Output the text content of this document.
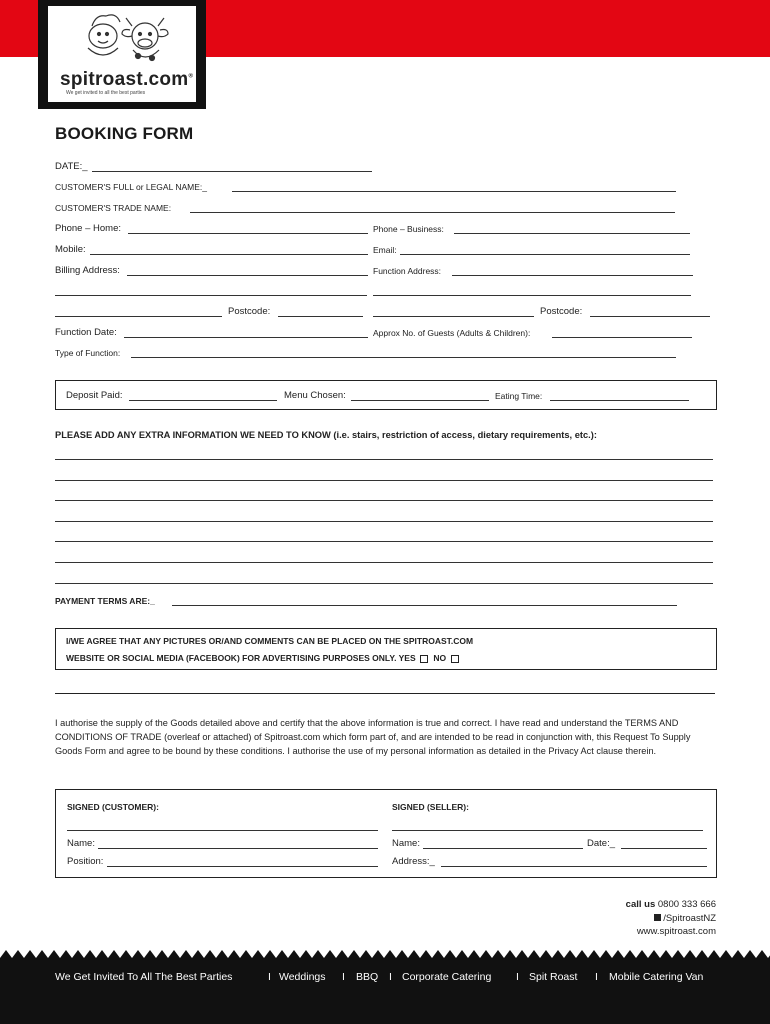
spitroast.com®
We get invited to all the best parties
BOOKING FORM
DATE:_
CUSTOMER'S FULL or LEGAL NAME:_
CUSTOMER'S TRADE NAME:
Phone – Home:	Phone – Business:
Mobile:	Email:
Billing Address:	Function Address:
Postcode:	Postcode:
Function Date:	Approx No. of Guests (Adults & Children):
Type of Function:
Deposit Paid:	Menu Chosen:	Eating Time:
PLEASE ADD ANY EXTRA INFORMATION WE NEED TO KNOW (i.e. stairs, restriction of access, dietary requirements, etc.):
PAYMENT TERMS ARE:_
I/WE AGREE THAT ANY PICTURES OR/AND COMMENTS CAN BE PLACED ON THE SPITROAST.COM
WEBSITE OR SOCIAL MEDIA (FACEBOOK) FOR ADVERTISING PURPOSES ONLY. YES NO
I authorise the supply of the Goods detailed above and certify that the above information is true and correct. I have read and understand the TERMS AND CONDITIONS OF TRADE (overleaf or attached) of Spitroast.com which form part of, and are intended to be read in conjunction with, this Request To Supply Goods Form and agree to be bound by these conditions. I authorise the use of my personal information as detailed in the Privacy Act clause therein.
SIGNED (CUSTOMER):	SIGNED (SELLER):
Name:	Name:	Date:_
Position:	Address:_
call us 0800 333 666
/SpitroastNZ
www.spitroast.com
We Get Invited To All The Best Parties	I Weddings I BBQ I Corporate Catering I Spit Roast I Mobile Catering Van
